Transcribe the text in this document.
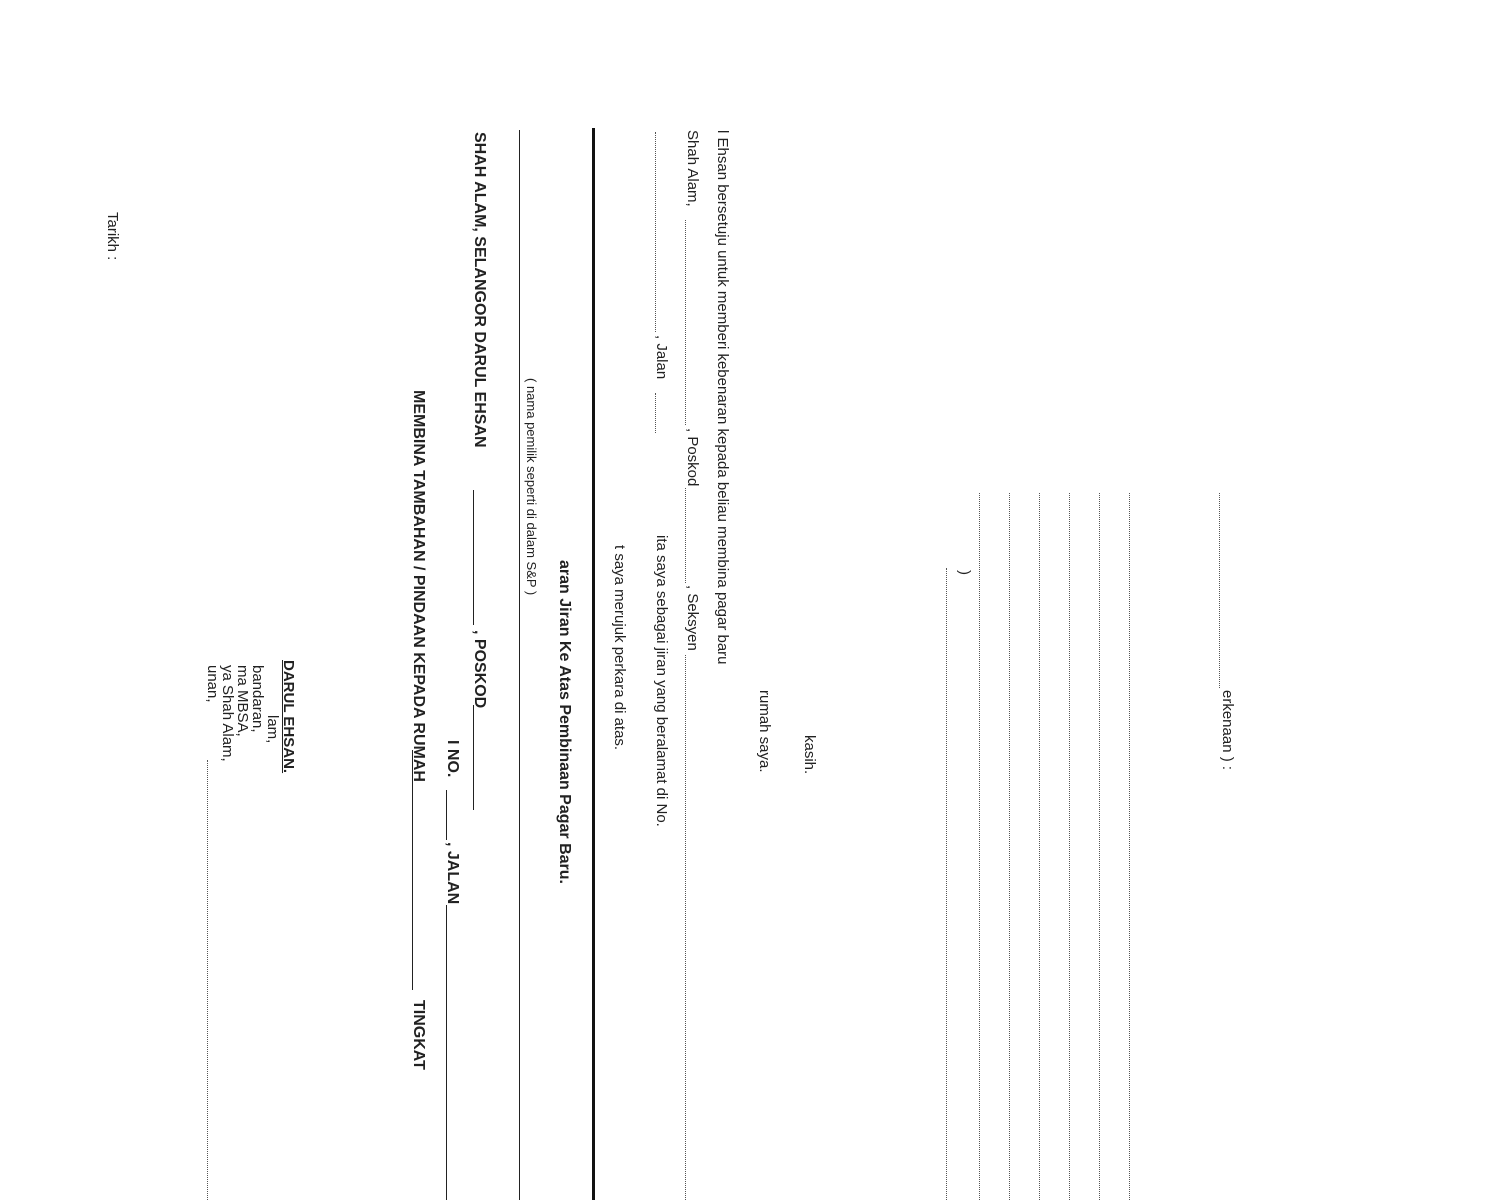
Tarikh :
unan,
ya Shah Alam,
ma MBSA,
bandaran,
lam, DARUL EHSAN.	MEMBINA TAMBAHAN / PINDAAN KEPADA RUMAH
TINGKAT
I NO.
, JALAN
, POSKOD
SHAH ALAM, SELANGOR DARUL EHSAN
( nama pemilik seperti di dalam S&P )
aran Jiran Ke Atas Pembinaan Pagar Baru.	t saya merujuk perkara di atas. ita saya sebagai jiran yang beralamat di No.
, Jalan
, Seksyen
, Poskod
Shah Alam, l Ehsan bersetuju untuk memberi kebenaran kepada beliau membina pagar baru
rumah saya. kasih.
)
erkenaan ) :
